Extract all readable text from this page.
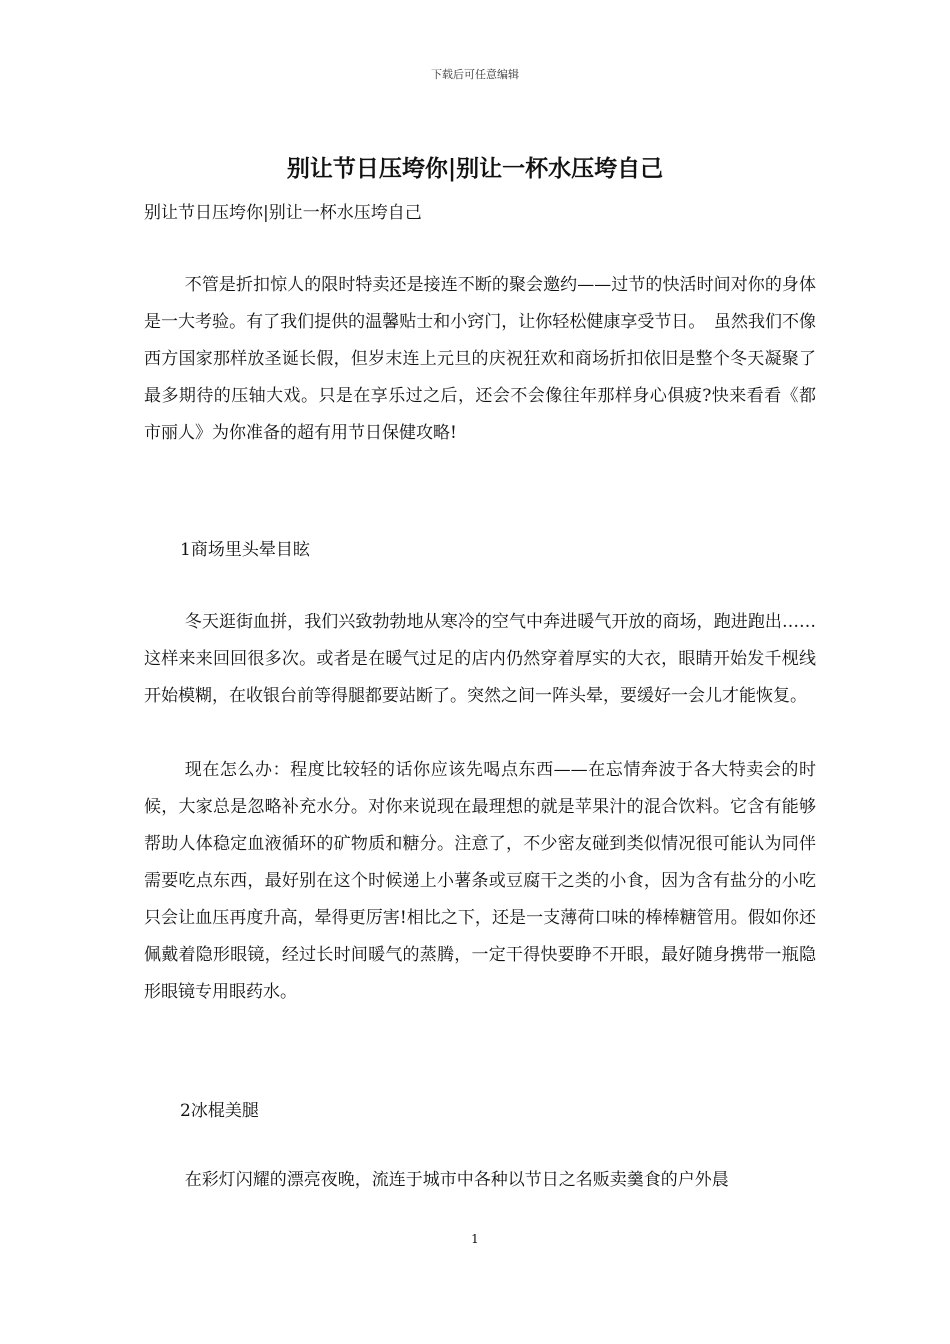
下载后可任意编辑
别让节日压垮你|别让一杯水压垮自己
别让节日压垮你|别让一杯水压垮自己

不管是折扣惊人的限时特卖还是接连不断的聚会邀约——过节的快活时间对你的身体是一大考验。有了我们提供的温馨贴士和小窍门，让你轻松健康享受节日。　虽然我们不像西方国家那样放圣诞长假，但岁末连上元旦的庆祝狂欢和商场折扣依旧是整个冬天凝聚了最多期待的压轴大戏。只是在享乐过之后，还会不会像往年那样身心俱疲?快来看看《都市丽人》为你准备的超有用节日保健攻略!

1商场里头晕目眩

冬天逛街血拼，我们兴致勃勃地从寒冷的空气中奔进暖气开放的商场，跑进跑出……这样来来回回很多次。或者是在暖气过足的店内仍然穿着厚实的大衣，眼睛开始发千枧线开始模糊，在收银台前等得腿都要站断了。突然之间一阵头晕，要缓好一会儿才能恢复。

现在怎么办：程度比较轻的话你应该先喝点东西——在忘情奔波于各大特卖会的时候，大家总是忽略补充水分。对你来说现在最理想的就是苹果汁的混合饮料。它含有能够帮助人体稳定血液循环的矿物质和糖分。注意了，不少密友碰到类似情况很可能认为同伴需要吃点东西，最好别在这个时候递上小薯条或豆腐干之类的小食，因为含有盐分的小吃只会让血压再度升高，晕得更厉害!相比之下，还是一支薄荷口味的棒棒糖管用。假如你还佩戴着隐形眼镜，经过长时间暖气的蒸腾，一定干得快要睁不开眼，最好随身携带一瓶隐形眼镜专用眼药水。

2冰棍美腿

在彩灯闪耀的漂亮夜晚，流连于城市中各种以节日之名贩卖羹食的户外晨

1
